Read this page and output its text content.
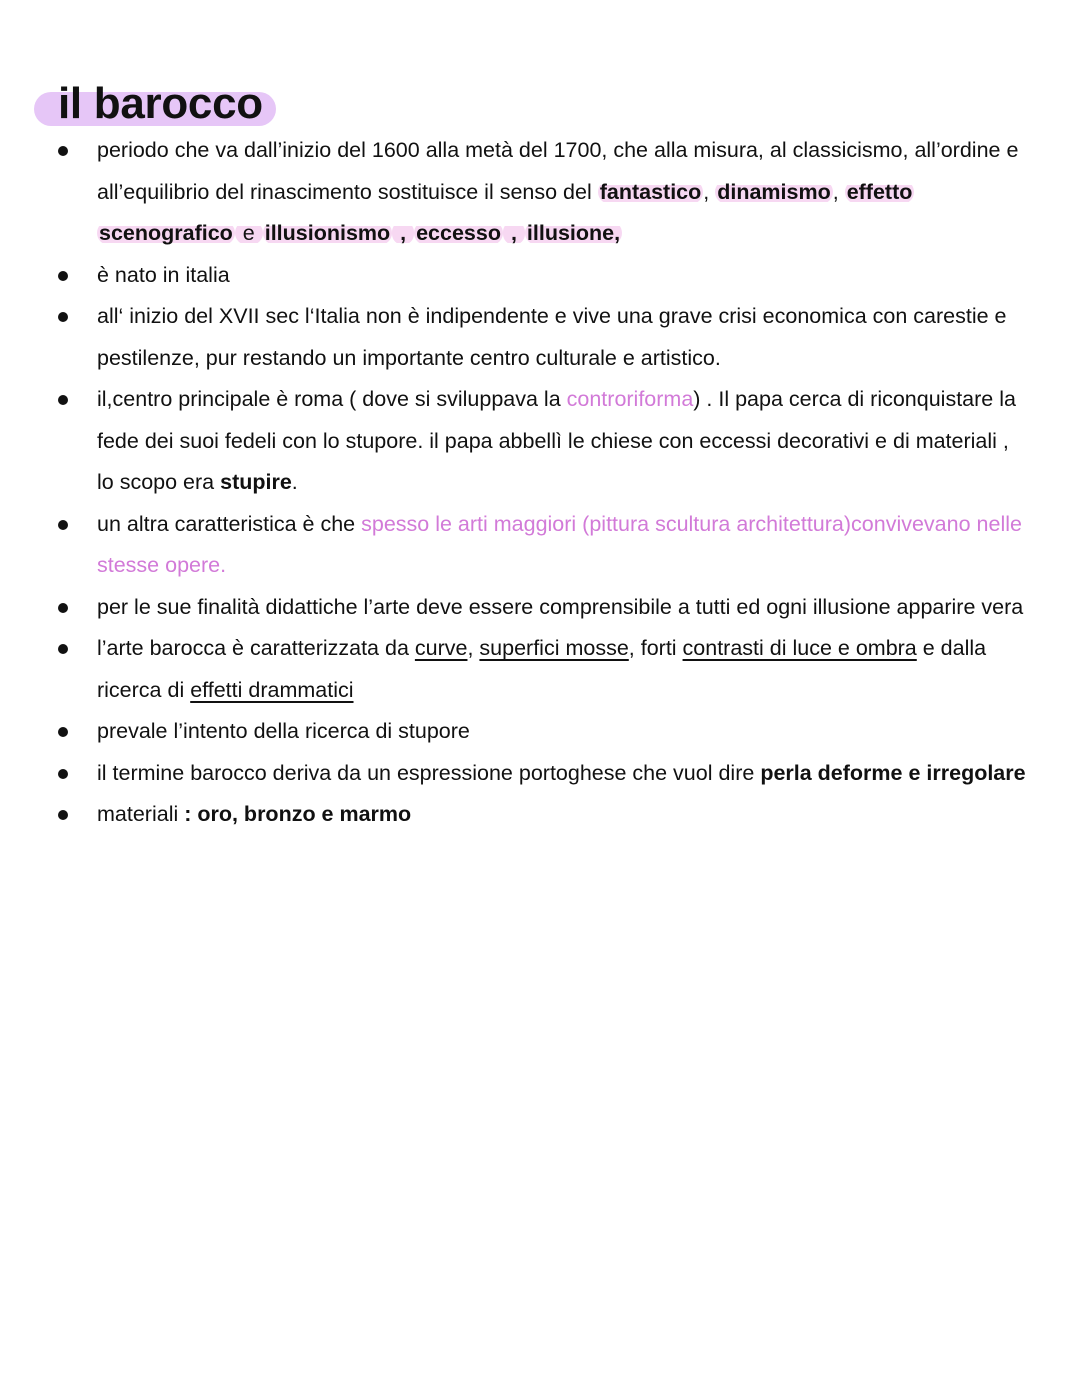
il barocco
periodo che va dall’inizio del 1600 alla metà del 1700, che alla misura, al classicismo, all’ordine e all’equilibrio del rinascimento sostituisce il senso del fantastico, dinamismo, effetto scenografico e illusionismo , eccesso , illusione,
è nato in italia
all‘ inizio del XVII sec l‘Italia non è indipendente e vive una grave crisi economica con carestie e pestilenze, pur restando un importante centro culturale e artistico.
il,centro principale è roma ( dove si sviluppava la controriforma) . Il papa cerca di riconquistare la fede dei suoi fedeli con lo stupore. il papa abbellì le chiese con eccessi decorativi e di materiali , lo scopo era stupire.
un altra caratteristica è che spesso le arti maggiori (pittura scultura architettura)convivevano nelle stesse opere.
per le sue finalità didattiche l’arte deve essere comprensibile a tutti ed ogni illusione apparire vera
l’arte barocca è caratterizzata da curve, superfici mosse, forti contrasti di luce e ombra e dalla ricerca di effetti drammatici
prevale l’intento della ricerca di stupore
il termine barocco deriva da un espressione portoghese che vuol dire perla deforme e irregolare
materiali : oro, bronzo e marmo
